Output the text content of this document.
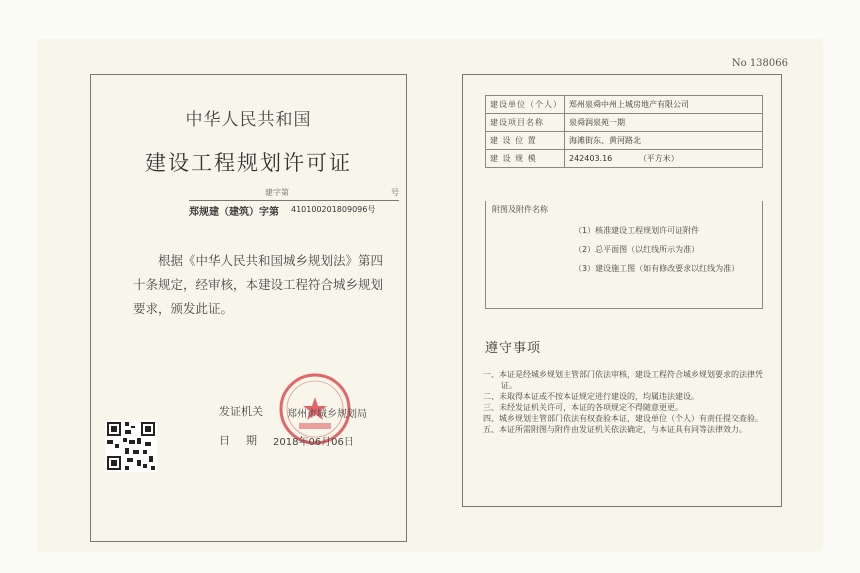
No 138066
中华人民共和国
建设工程规划许可证
建字第	号
郑规建（建筑）字第 410100201809096号
根据《中华人民共和国城乡规划法》第四十条规定，经审核，本建设工程符合城乡规划要求，颁发此证。
发证机关 郑州市城乡规划局
日期 2018年06月06日
建设单位（个人）	郑州泉舜中州上城房地产有限公司
建设项目名称	泉舜润泉苑一期
建 设 位 置	海滩街东、黄河路北
建 设 规 模	242403.16 （平方米）
附图及附件名称
（1）核准建设工程规划许可证附件
（2）总平面图（以红线所示为准）
（3）建设施工图（如有修改要求以红线为准）
遵守事项

一、本证是经城乡规划主管部门依法审核，建设工程符合城乡规划要求的法律凭证。

二、未取得本证或不按本证规定进行建设的，均属违法建设。

三、未经发证机关许可，本证的各项规定不得随意更更。

四、城乡规划主管部门依法有权查验本证，建设单位（个人）有责任提交查验。

五、本证所需附图与附件由发证机关依法确定，与本证具有同等法律效力。
